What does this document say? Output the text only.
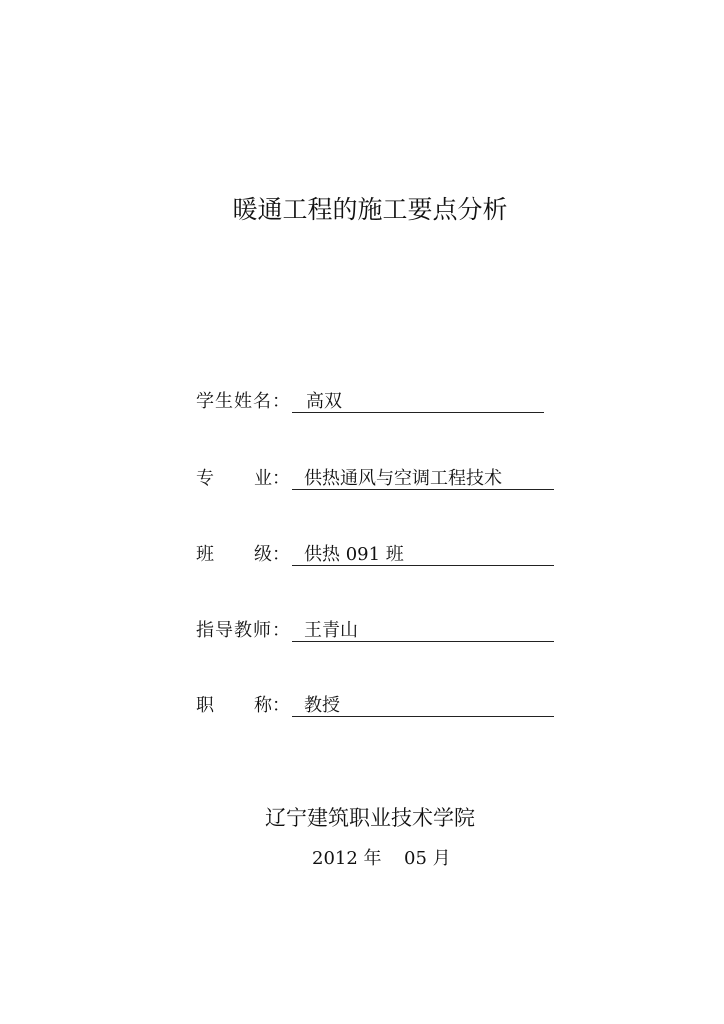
暖通工程的施工要点分析
学生姓名： 高双
专 业： 供热通风与空调工程技术
班 级： 供热 091 班
指导教师： 王青山
职 称： 教授
辽宁建筑职业技术学院
2012 年 05 月
